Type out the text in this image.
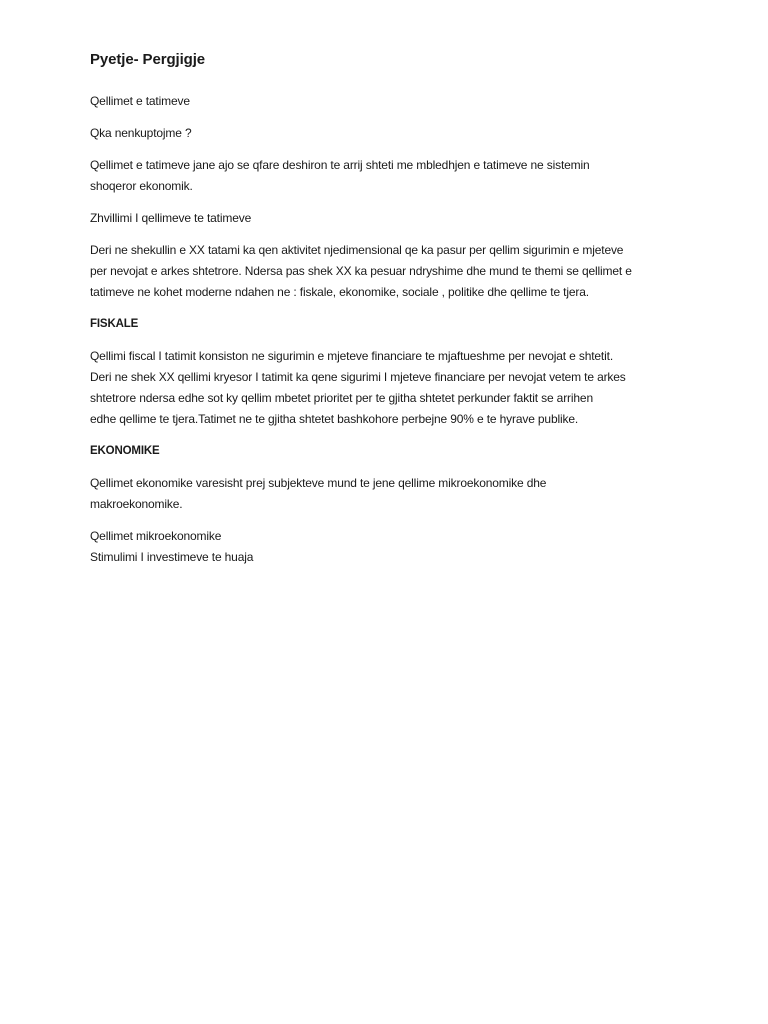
Pyetje- Pergjigje

Qellimet e tatimeve

Qka nenkuptojme ?

Qellimet e tatimeve jane ajo se qfare deshiron te arrij shteti me mbledhjen e tatimeve ne sistemin
shoqeror ekonomik.

Zhvillimi I qellimeve te tatimeve

Deri ne shekullin e XX tatami ka qen aktivitet njedimensional qe ka pasur per qellim sigurimin e mjeteve
per nevojat e arkes shtetrore. Ndersa pas shek XX ka pesuar ndryshime dhe mund te themi se qellimet e
tatimeve ne kohet moderne ndahen ne : fiskale, ekonomike, sociale , politike dhe qellime te tjera.

FISKALE

Qellimi fiscal I tatimit konsiston ne sigurimin e mjeteve financiare te mjaftueshme per nevojat e shtetit.
Deri ne shek XX qellimi kryesor I tatimit ka qene sigurimi I mjeteve financiare per nevojat vetem te arkes
shtetrore ndersa edhe sot ky qellim mbetet prioritet per te gjitha shtetet perkunder faktit se arrihen
edhe qellime te tjera.Tatimet ne te gjitha shtetet bashkohore perbejne 90% e te hyrave publike.

EKONOMIKE

Qellimet ekonomike varesisht prej subjekteve mund te jene qellime mikroekonomike dhe
makroekonomike.

Qellimet mikroekonomike
Stimulimi I investimeve te huaja
